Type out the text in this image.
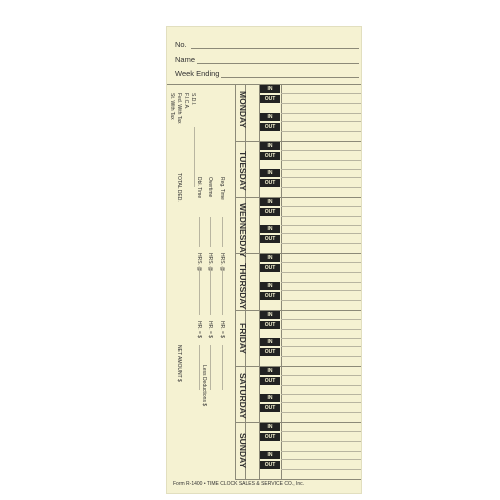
No.
Name
Week Ending
S.D.I.
F.I.C.A.
Fed. With Tax
St. With Tax
TOTAL DED.	Reg. Time
Overtime
Dbl. Time
HRS. @
HRS. @
HRS. @
HR. = $
HR. = $
HR. = $
Less Deductions $
NET AMOUNT $
MONDAY
TUESDAY
WEDNESDAY
THURSDAY
FRIDAY
SATURDAY
SUNDAY
IN
OUT
IN
OUT
IN
OUT
IN
OUT
IN
OUT
IN
OUT
IN
OUT
IN
OUT
IN
OUT
IN
OUT
IN
OUT
IN
OUT
IN
OUT
IN
OUT
Form R-1400 • TIME CLOCK SALES & SERVICE CO., Inc.
